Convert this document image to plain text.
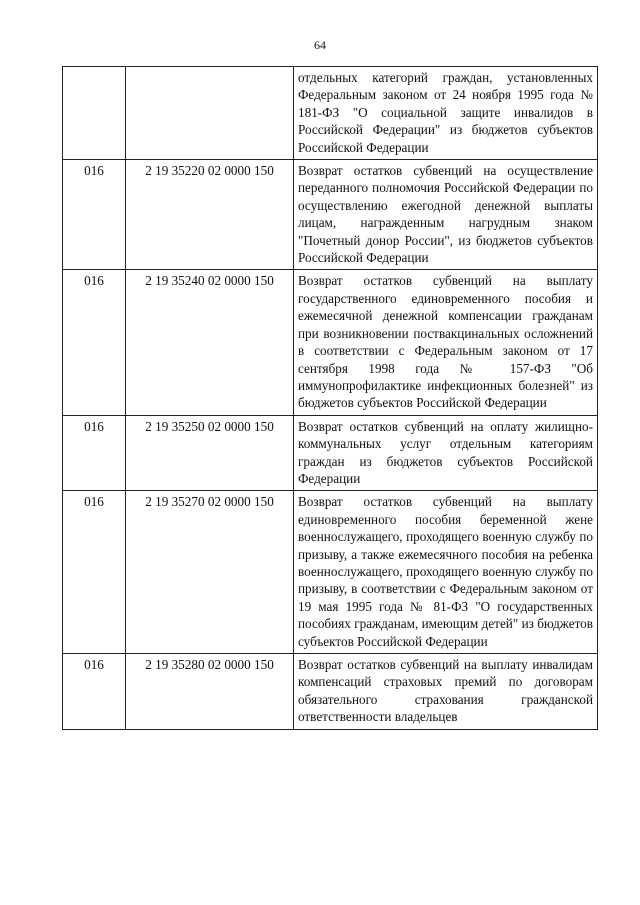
64
		отдельных категорий граждан, установленных Федеральным законом от 24 ноября 1995 года № 181-ФЗ "О социальной защите инвалидов в Российской Федерации" из бюджетов субъектов Российской Федерации
016	2 19 35220 02 0000 150	Возврат остатков субвенций на осуществление переданного полномочия Российской Федерации по осуществлению ежегодной денежной выплаты лицам, награжденным нагрудным знаком "Почетный донор России", из бюджетов субъектов Российской Федерации
016	2 19 35240 02 0000 150	Возврат остатков субвенций на выплату государственного единовременного пособия и ежемесячной денежной компенсации гражданам при возникновении поствакцинальных осложнений в соответствии с Федеральным законом от 17 сентября 1998 года № 157-ФЗ "Об иммунопрофилактике инфекционных болезней" из бюджетов субъектов Российской Федерации
016	2 19 35250 02 0000 150	Возврат остатков субвенций на оплату жилищно-коммунальных услуг отдельным категориям граждан из бюджетов субъектов Российской Федерации
016	2 19 35270 02 0000 150	Возврат остатков субвенций на выплату единовременного пособия беременной жене военнослужащего, проходящего военную службу по призыву, а также ежемесячного пособия на ребенка военнослужащего, проходящего военную службу по призыву, в соответствии с Федеральным законом от 19 мая 1995 года № 81-ФЗ "О государственных пособиях гражданам, имеющим детей" из бюджетов субъектов Российской Федерации
016	2 19 35280 02 0000 150	Возврат остатков субвенций на выплату инвалидам компенсаций страховых премий по договорам обязательного страхования гражданской ответственности владельцев
